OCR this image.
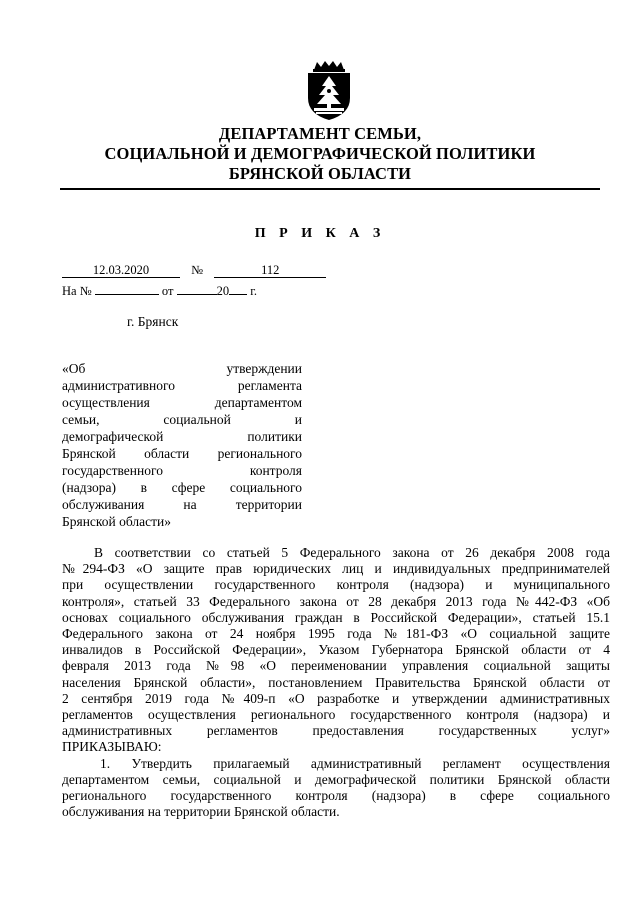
ДЕПАРТАМЕНТ СЕМЬИ,
СОЦИАЛЬНОЙ И ДЕМОГРАФИЧЕСКОЙ ПОЛИТИКИ
БРЯНСКОЙ ОБЛАСТИ
П Р И К А З
12.03.2020	№	112
На №	от	20 г.
г. Брянск
«Об утверждении
административного регламента
осуществления департаментом
семьи, социальной и
демографической политики
Брянской области регионального
государственного контроля
(надзора) в сфере социального
обслуживания на территории
Брянской области»
В соответствии со статьей 5 Федерального закона от 26 декабря 2008 года
№294-ФЗ «О защите прав юридических лиц и индивидуальных предпринимателей
при осуществлении государственного контроля (надзора) и муниципального
контроля», статьей 33 Федерального закона от 28 декабря 2013 года №442-ФЗ «Об
основах социального обслуживания граждан в Российской Федерации», статьей 15.1
Федерального закона от 24 ноября 1995 года №181-ФЗ «О социальной защите
инвалидов в Российской Федерации», Указом Губернатора Брянской области от 4
февраля 2013 года №98 «О переименовании управления социальной защиты
населения Брянской области», постановлением Правительства Брянской области от
2 сентября 2019 года №409-п «О разработке и утверждении административных
регламентов осуществления регионального государственного контроля (надзора) и
административных регламентов предоставления государственных услуг»
ПРИКАЗЫВАЮ:
1. Утвердить прилагаемый административный регламент осуществления
департаментом семьи, социальной и демографической политики Брянской области
регионального государственного контроля (надзора) в сфере социального
обслуживания на территории Брянской области.
